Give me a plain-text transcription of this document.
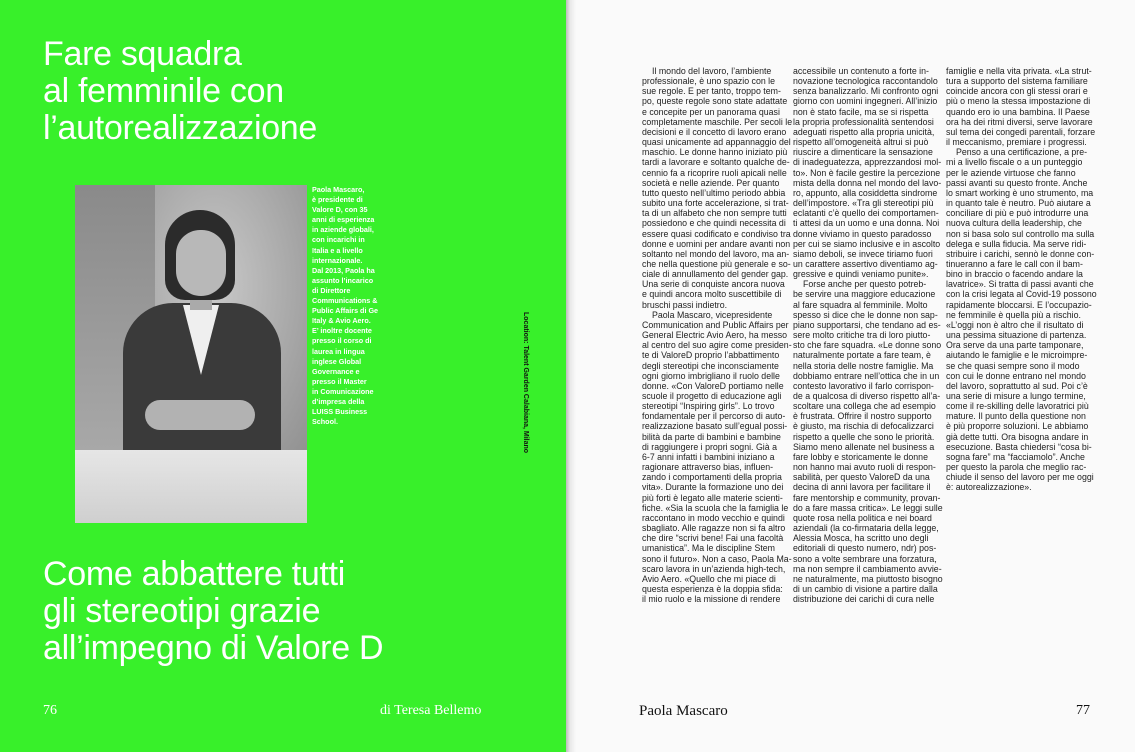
Fare squadra
al femminile con
l’autorealizzazione
Paola Mascaro,
è presidente di
Valore D, con 35
anni di esperienza
in aziende globali,
con incarichi in
Italia e a livello
internazionale.
Dal 2013, Paola ha
assunto l’incarico
di Direttore
Communications &
Public Affairs di Ge
Italy & Avio Aero.
E’ inoltre docente
presso il corso di
laurea in lingua
inglese Global
Governance e
presso il Master
in Comunicazione
d’impresa della
LUISS Business
School.	Location: Talent Garden Calabiana, Milano
Come abbattere tutti
gli stereotipi grazie
all’impegno di Valore D
76	di Teresa Bellemo
Il mondo del lavoro, l’ambiente
professionale, è uno spazio con le
sue regole. E per tanto, troppo tem-
po, queste regole sono state adattate
e concepite per un panorama quasi
completamente maschile. Per secoli le
decisioni e il concetto di lavoro erano
quasi unicamente ad appannaggio del
maschio. Le donne hanno iniziato più
tardi a lavorare e soltanto qualche de-
cennio fa a ricoprire ruoli apicali nelle
società e nelle aziende. Per quanto
tutto questo nell’ultimo periodo abbia
subito una forte accelerazione, si trat-
ta di un alfabeto che non sempre tutti
possiedono e che quindi necessita di
essere quasi codificato e condiviso tra
donne e uomini per andare avanti non
soltanto nel mondo del lavoro, ma an-
che nella questione più generale e so-
ciale di annullamento del gender gap.
Una serie di conquiste ancora nuova
e quindi ancora molto suscettibile di
bruschi passi indietro.
Paola Mascaro, vicepresidente
Communication and Public Affairs per
General Electric Avio Aero, ha messo
al centro del suo agire come presiden-
te di ValoreD proprio l’abbattimento
degli stereotipi che inconsciamente
ogni giorno imbrigliano il ruolo delle
donne. «Con ValoreD portiamo nelle
scuole il progetto di educazione agli
stereotipi “Inspiring girls”. Lo trovo
fondamentale per il percorso di auto-
realizzazione basato sull’egual possi-
bilità da parte di bambini e bambine
di raggiungere i propri sogni. Già a
6-7 anni infatti i bambini iniziano a
ragionare attraverso bias, influen-
zando i comportamenti della propria
vita». Durante la formazione uno dei
più forti è legato alle materie scienti-
fiche. «Sia la scuola che la famiglia le
raccontano in modo vecchio e quindi
sbagliato. Alle ragazze non si fa altro
che dire “scrivi bene! Fai una facoltà
umanistica”. Ma le discipline Stem
sono il futuro». Non a caso, Paola Ma-
scaro lavora in un’azienda high-tech,
Avio Aero. «Quello che mi piace di
questa esperienza è la doppia sfida:
il mio ruolo e la missione di rendere
accessibile un contenuto a forte in-
novazione tecnologica raccontandolo
senza banalizzarlo. Mi confronto ogni
giorno con uomini ingegneri. All’inizio
non è stato facile, ma se si rispetta
la propria professionalità sentendosi
adeguati rispetto alla propria unicità,
rispetto all’omogeneità altrui si può
riuscire a dimenticare la sensazione
di inadeguatezza, apprezzandosi mol-
to». Non è facile gestire la percezione
mista della donna nel mondo del lavo-
ro, appunto, alla cosiddetta sindrome
dell’impostore. «Tra gli stereotipi più
eclatanti c’è quello dei comportamen-
ti attesi da un uomo e una donna. Noi
donne viviamo in questo paradosso
per cui se siamo inclusive e in ascolto
siamo deboli, se invece tiriamo fuori
un carattere assertivo diventiamo ag-
gressive e quindi veniamo punite».
Forse anche per questo potreb-
be servire una maggiore educazione
al fare squadra al femminile. Molto
spesso si dice che le donne non sap-
piano supportarsi, che tendano ad es-
sere molto critiche tra di loro piutto-
sto che fare squadra. «Le donne sono
naturalmente portate a fare team, è
nella storia delle nostre famiglie. Ma
dobbiamo entrare nell’ottica che in un
contesto lavorativo il farlo corrispon-
de a qualcosa di diverso rispetto all’a-
scoltare una collega che ad esempio
è frustrata. Offrire il nostro supporto
è giusto, ma rischia di defocalizzarci
rispetto a quelle che sono le priorità.
Siamo meno allenate nel business a
fare lobby e storicamente le donne
non hanno mai avuto ruoli di respon-
sabilità, per questo ValoreD da una
decina di anni lavora per facilitare il
fare mentorship e community, provan-
do a fare massa critica». Le leggi sulle
quote rosa nella politica e nei board
aziendali (la co-firmataria della legge,
Alessia Mosca, ha scritto uno degli
editoriali di questo numero, ndr) pos-
sono a volte sembrare una forzatura,
ma non sempre il cambiamento avvie-
ne naturalmente, ma piuttosto bisogno
di un cambio di visione a partire dalla
distribuzione dei carichi di cura nelle
famiglie e nella vita privata. «La strut-
tura a supporto del sistema familiare
coincide ancora con gli stessi orari e
più o meno la stessa impostazione di
quando ero io una bambina. Il Paese
ora ha dei ritmi diversi, serve lavorare
sul tema dei congedi parentali, forzare
il meccanismo, premiare i progressi.
Penso a una certificazione, a pre-
mi a livello fiscale o a un punteggio
per le aziende virtuose che fanno
passi avanti su questo fronte. Anche
lo smart working è uno strumento, ma
in quanto tale è neutro. Può aiutare a
conciliare di più e può introdurre una
nuova cultura della leadership, che
non si basa solo sul controllo ma sulla
delega e sulla fiducia. Ma serve ridi-
stribuire i carichi, sennò le donne con-
tinueranno a fare le call con il bam-
bino in braccio o facendo andare la
lavatrice». Si tratta di passi avanti che
con la crisi legata al Covid-19 possono
rapidamente bloccarsi. E l’occupazio-
ne femminile è quella più a rischio.
«L’oggi non è altro che il risultato di
una pessima situazione di partenza.
Ora serve da una parte tamponare,
aiutando le famiglie e le microimpre-
se che quasi sempre sono il modo
con cui le donne entrano nel mondo
del lavoro, soprattutto al sud. Poi c’è
una serie di misure a lungo termine,
come il re-skilling delle lavoratrici più
mature. Il punto della questione non
è più proporre soluzioni. Le abbiamo
già dette tutti. Ora bisogna andare in
esecuzione. Basta chiedersi “cosa bi-
sogna fare” ma “facciamolo”. Anche
per questo la parola che meglio rac-
chiude il senso del lavoro per me oggi
è: autorealizzazione».
Paola Mascaro	77
